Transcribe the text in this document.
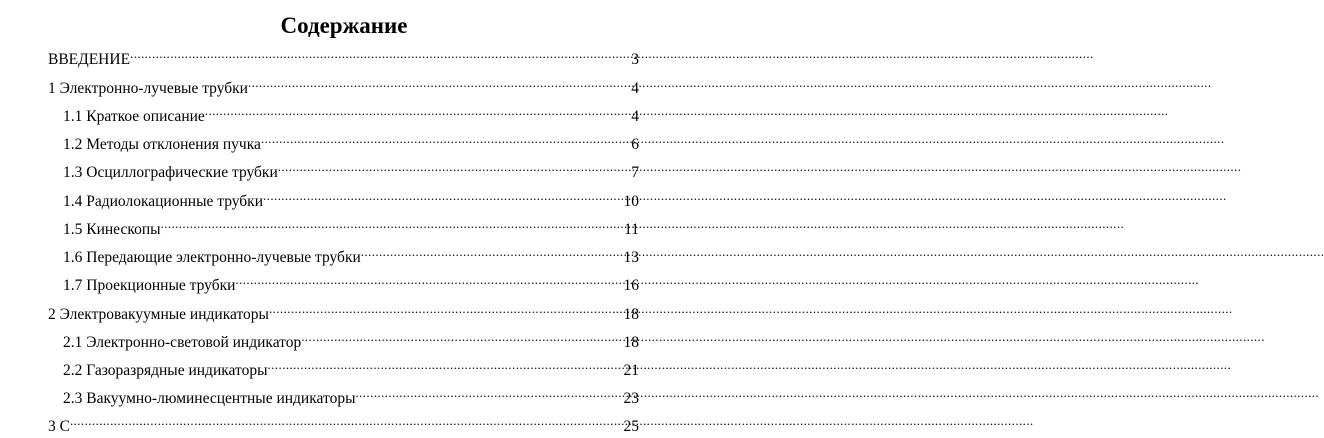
Содержание
ВВЕДЕНИЕ .....	3
1 Электронно-лучевые трубки .....	4
1.1 Краткое описание .....	4
1.2 Методы отклонения пучка .....	6
1.3 Осциллографические трубки .....	7
1.4 Радиолокационные трубки .....	10
1.5 Кинескопы .....	11
1.6 Передающие электронно-лучевые трубки .....	13
1.7 Проекционные трубки .....	16
2 Электровакуумные индикаторы .....	18
2.1 Электронно-световой индикатор .....	18
2.2 Газоразрядные индикаторы .....	21
2.3 Вакуумно-люминесцентные индикаторы .....	23
3 С .....	25
